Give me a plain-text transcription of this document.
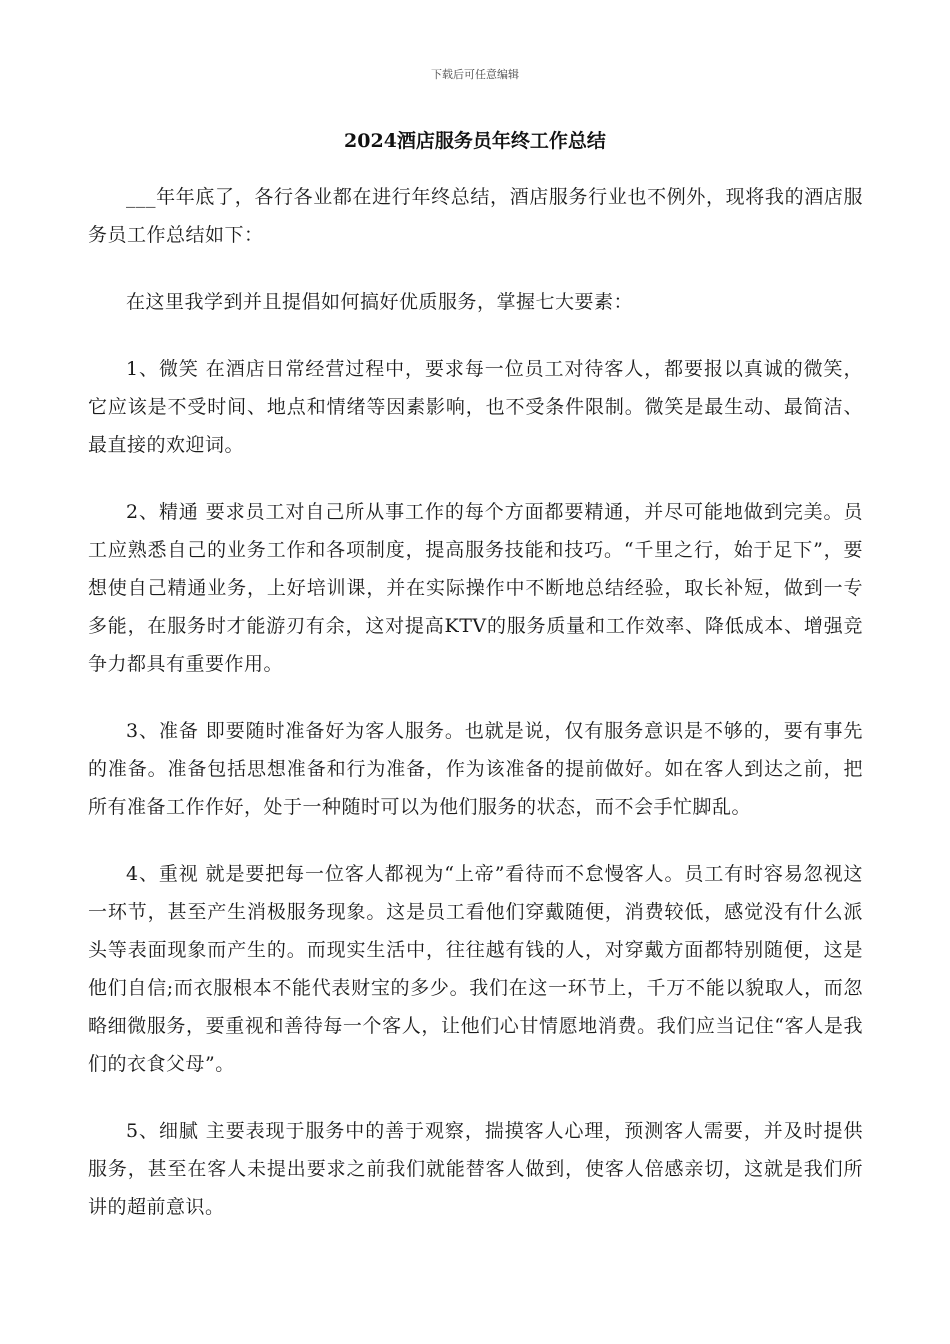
下载后可任意编辑
2024酒店服务员年终工作总结

___年年底了，各行各业都在进行年终总结，酒店服务行业也不例外，现将我的酒店服务员工作总结如下：

在这里我学到并且提倡如何搞好优质服务，掌握七大要素：

1、微笑 在酒店日常经营过程中，要求每一位员工对待客人，都要报以真诚的微笑，它应该是不受时间、地点和情绪等因素影响，也不受条件限制。微笑是最生动、最简洁、最直接的欢迎词。

2、精通 要求员工对自己所从事工作的每个方面都要精通，并尽可能地做到完美。员工应熟悉自己的业务工作和各项制度，提高服务技能和技巧。“千里之行，始于足下”，要想使自己精通业务，上好培训课，并在实际操作中不断地总结经验，取长补短，做到一专多能，在服务时才能游刃有余，这对提高KTV的服务质量和工作效率、降低成本、增强竞争力都具有重要作用。

3、准备 即要随时准备好为客人服务。也就是说，仅有服务意识是不够的，要有事先的准备。准备包括思想准备和行为准备，作为该准备的提前做好。如在客人到达之前，把所有准备工作作好，处于一种随时可以为他们服务的状态，而不会手忙脚乱。

4、重视 就是要把每一位客人都视为“上帝”看待而不怠慢客人。员工有时容易忽视这一环节，甚至产生消极服务现象。这是员工看他们穿戴随便，消费较低，感觉没有什么派头等表面现象而产生的。而现实生活中，往往越有钱的人，对穿戴方面都特别随便，这是他们自信;而衣服根本不能代表财宝的多少。我们在这一环节上，千万不能以貌取人，而忽略细微服务，要重视和善待每一个客人，让他们心甘情愿地消费。我们应当记住“客人是我们的衣食父母”。

5、细腻 主要表现于服务中的善于观察，揣摸客人心理，预测客人需要，并及时提供服务，甚至在客人未提出要求之前我们就能替客人做到，使客人倍感亲切，这就是我们所讲的超前意识。
